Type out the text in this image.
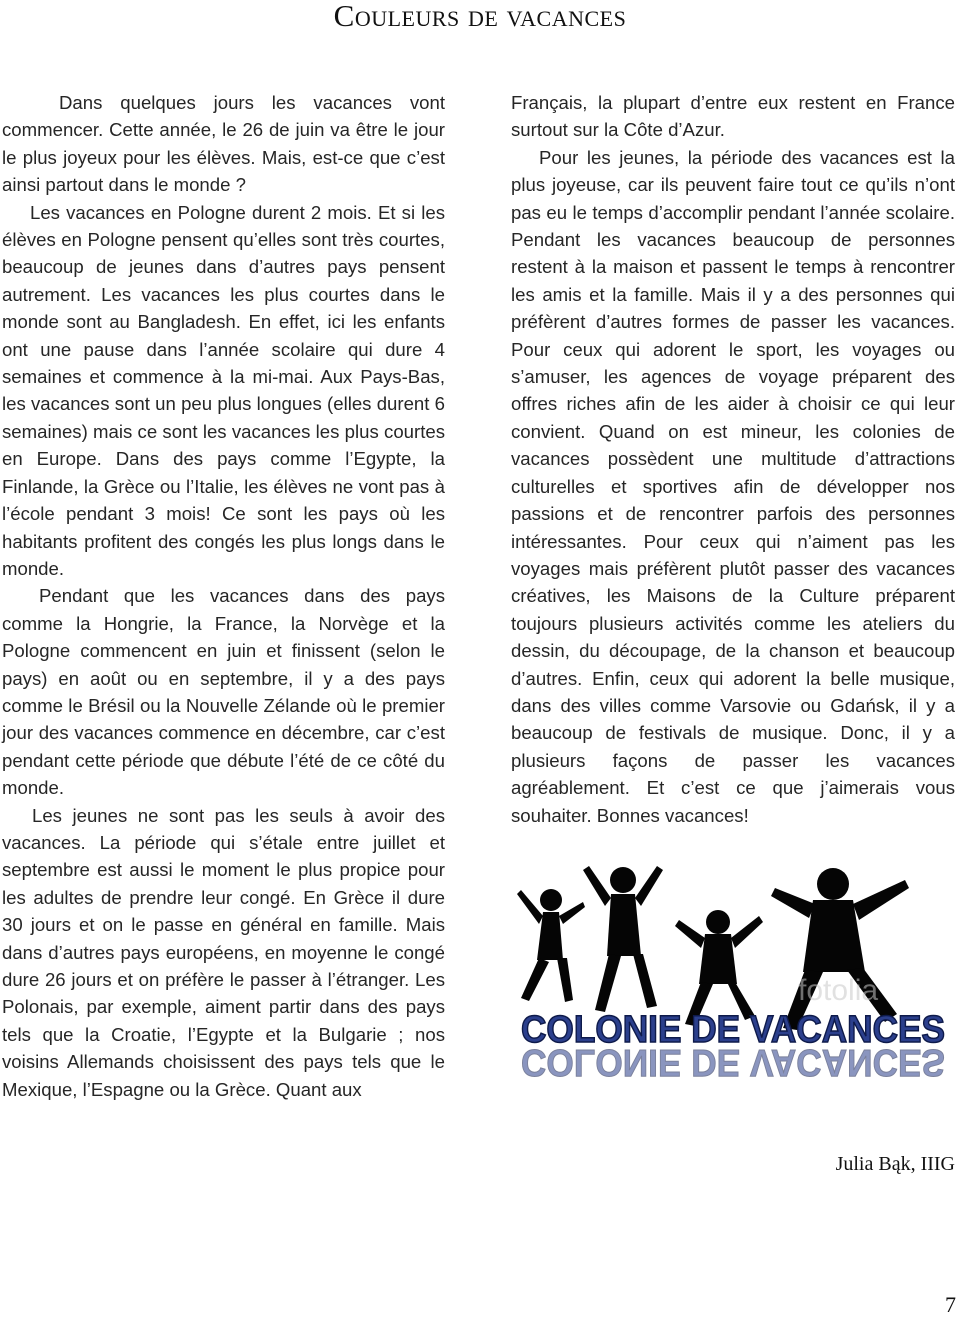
Couleurs de vacances

Dans quelques jours les vacances vont commencer. Cette année, le 26 de juin va être le jour le plus joyeux pour les élèves. Mais, est-ce que c’est ainsi partout dans le monde ?

Les vacances en Pologne durent 2 mois. Et si les élèves en Pologne pensent qu’elles sont très courtes, beaucoup de jeunes dans d’autres pays pensent autrement. Les vacances les plus courtes dans le monde sont au Bangladesh. En effet, ici les enfants ont une pause dans l’année scolaire qui dure 4 semaines et commence à la mi-mai. Aux Pays-Bas, les vacances sont un peu plus longues (elles durent 6 semaines) mais ce sont les vacances les plus courtes en Europe. Dans des pays comme l’Egypte, la Finlande, la Grèce ou l’Italie, les élèves ne vont pas à l’école pendant 3 mois! Ce sont les pays où les habitants profitent des congés les plus longs dans le monde.

Pendant que les vacances dans des pays comme la Hongrie, la France, la Norvège et la Pologne commencent en juin et finissent (selon le pays) en août ou en septembre, il y a des pays comme le Brésil ou la Nouvelle Zélande où le premier jour des vacances commence en décembre, car c’est pendant cette période que débute l’été de ce côté du monde.

Les jeunes ne sont pas les seuls à avoir des vacances. La période qui s’étale entre juillet et septembre est aussi le moment le plus propice pour les adultes de prendre leur congé. En Grèce il dure 30 jours et on le passe en général en famille. Mais dans d’autres pays européens, en moyenne le congé dure 26 jours et on préfère le passer à l’étranger. Les Polonais, par exemple, aiment partir dans des pays tels que la Croatie, l’Egypte et la Bulgarie ; nos voisins Allemands choisissent des pays tels que le Mexique, l’Espagne ou la Grèce. Quant aux

Français, la plupart d’entre eux restent en France surtout sur la Côte d’Azur.

Pour les jeunes, la période des vacances est la plus joyeuse, car ils peuvent faire tout ce qu’ils n’ont pas eu le temps d’accomplir pendant l’année scolaire. Pendant les vacances beaucoup de personnes restent à la maison et passent le temps à rencontrer les amis et la famille. Mais il y a des personnes qui préfèrent d’autres formes de passer les vacances. Pour ceux qui adorent le sport, les voyages ou s’amuser, les agences de voyage préparent des offres riches afin de les aider à choisir ce qui leur convient. Quand on est mineur, les colonies de vacances possèdent une multitude d’attractions culturelles et sportives afin de développer nos passions et de rencontrer parfois des personnes intéressantes. Pour ceux qui n’aiment pas les voyages mais préfèrent plutôt passer des vacances créatives, les Maisons de la Culture préparent toujours plusieurs activités comme les ateliers du dessin, du découpage, de la chanson et beaucoup d’autres. Enfin, ceux qui adorent la belle musique, dans des villes comme Varsovie ou Gdańsk, il y a beaucoup de festivals de musique. Donc, il y a plusieurs façons de passer les vacances agréablement. Et c’est ce que j’aimerais vous souhaiter. Bonnes vacances!

fotolia
COLONIE DE VACANCES
COLONIE DE VACANCES
Julia Bąk, IIIG
7
